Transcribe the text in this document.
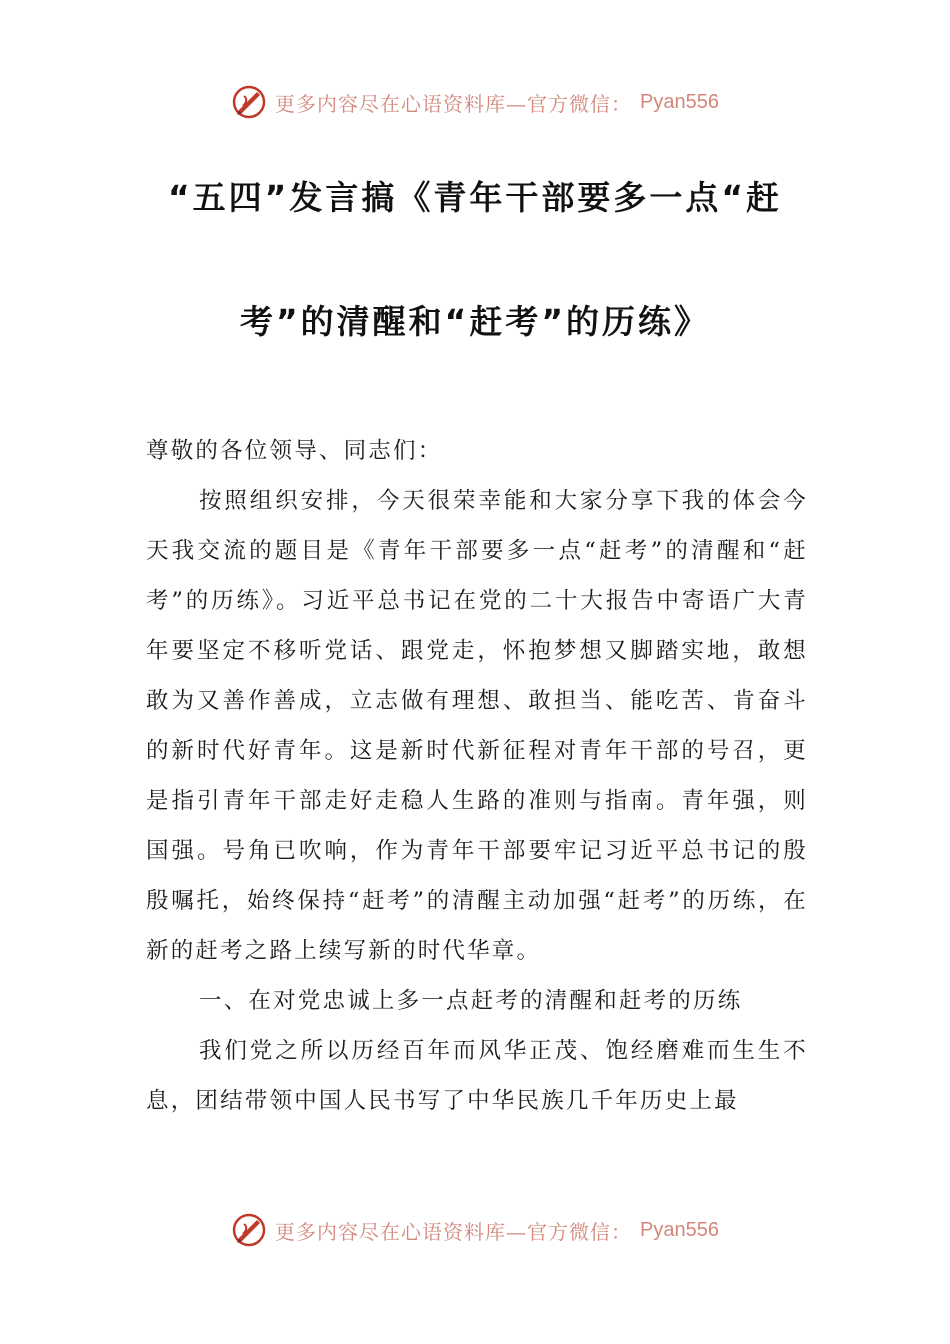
更多内容尽在心语资料库—官方微信： Pyan556
“五四”发言搞《青年干部要多一点“赶
考”的清醒和“赶考”的历练》

尊敬的各位领导、同志们：

按照组织安排，今天很荣幸能和大家分享下我的体会今天我交流的题目是《青年干部要多一点“赶考”的清醒和“赶考”的历练》。习近平总书记在党的二十大报告中寄语广大青年要坚定不移听党话、跟党走，怀抱梦想又脚踏实地，敢想敢为又善作善成，立志做有理想、敢担当、能吃苦、肯奋斗的新时代好青年。这是新时代新征程对青年干部的号召，更是指引青年干部走好走稳人生路的准则与指南。青年强，则国强。号角已吹响，作为青年干部要牢记习近平总书记的殷殷嘱托，始终保持“赶考”的清醒主动加强“赶考”的历练，在新的赶考之路上续写新的时代华章。

一、在对党忠诚上多一点赶考的清醒和赶考的历练

我们党之所以历经百年而风华正茂、饱经磨难而生生不息，团结带领中国人民书写了中华民族几千年历史上最

更多内容尽在心语资料库—官方微信： Pyan556
